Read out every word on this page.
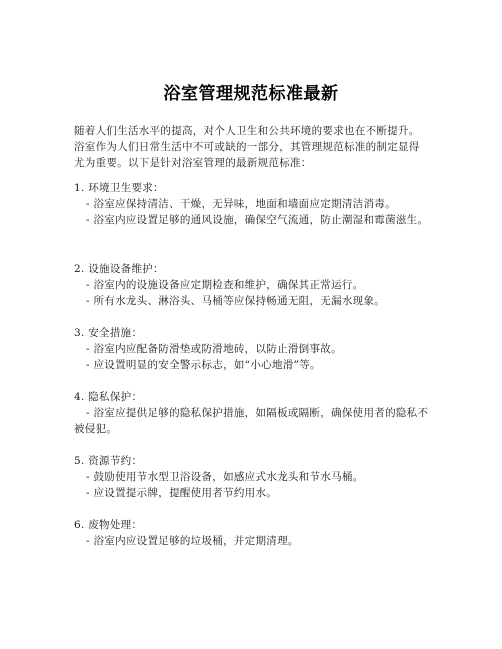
浴室管理规范标准最新
随着人们生活水平的提高，对个人卫生和公共环境的要求也在不断提升。浴室作为人们日常生活中不可或缺的一部分，其管理规范标准的制定显得尤为重要。以下是针对浴室管理的最新规范标准：
1. 环境卫生要求：
- 浴室应保持清洁、干燥，无异味，地面和墙面应定期清洁消毒。
- 浴室内应设置足够的通风设施，确保空气流通，防止潮湿和霉菌滋生。
2. 设施设备维护：
- 浴室内的设施设备应定期检查和维护，确保其正常运行。
- 所有水龙头、淋浴头、马桶等应保持畅通无阻，无漏水现象。
3. 安全措施：
- 浴室内应配备防滑垫或防滑地砖，以防止滑倒事故。
- 应设置明显的安全警示标志，如“小心地滑”等。
4. 隐私保护：
- 浴室应提供足够的隐私保护措施，如隔板或隔断，确保使用者的隐私不被侵犯。
5. 资源节约：
- 鼓励使用节水型卫浴设备，如感应式水龙头和节水马桶。
- 应设置提示牌，提醒使用者节约用水。
6. 废物处理：
- 浴室内应设置足够的垃圾桶，并定期清理。
